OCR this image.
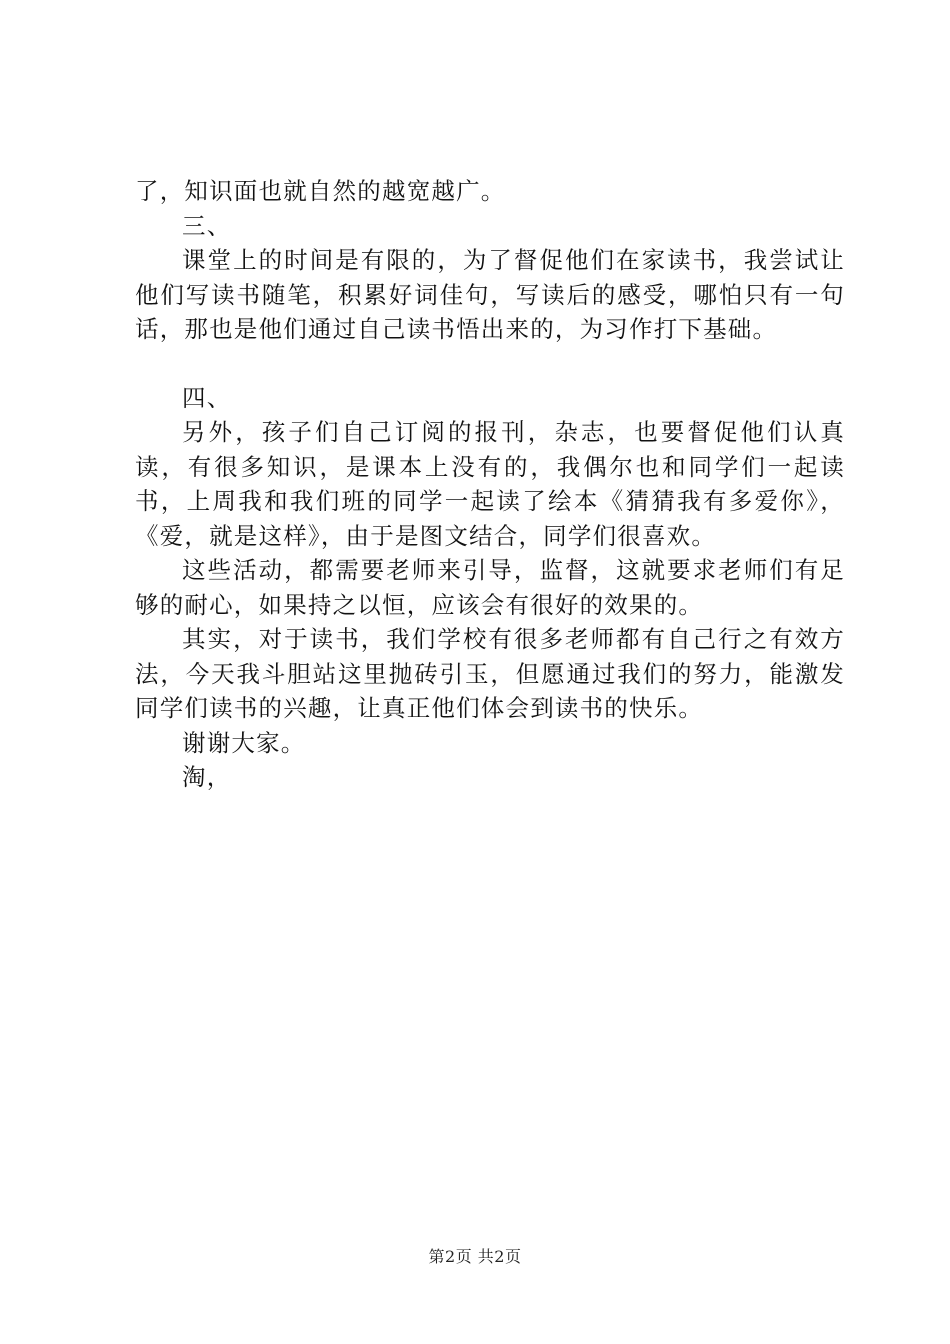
了，知识面也就自然的越宽越广。

三、

课堂上的时间是有限的，为了督促他们在家读书，我尝试让他们写读书随笔，积累好词佳句，写读后的感受，哪怕只有一句话，那也是他们通过自己读书悟出来的，为习作打下基础。

四、

另外，孩子们自己订阅的报刊，杂志，也要督促他们认真读，有很多知识，是课本上没有的，我偶尔也和同学们一起读书，上周我和我们班的同学一起读了绘本《猜猜我有多爱你》，《爱，就是这样》，由于是图文结合，同学们很喜欢。

这些活动，都需要老师来引导，监督，这就要求老师们有足够的耐心，如果持之以恒，应该会有很好的效果的。

其实，对于读书，我们学校有很多老师都有自己行之有效方法，今天我斗胆站这里抛砖引玉，但愿通过我们的努力，能激发同学们读书的兴趣，让真正他们体会到读书的快乐。

谢谢大家。

淘，

第2页 共2页
